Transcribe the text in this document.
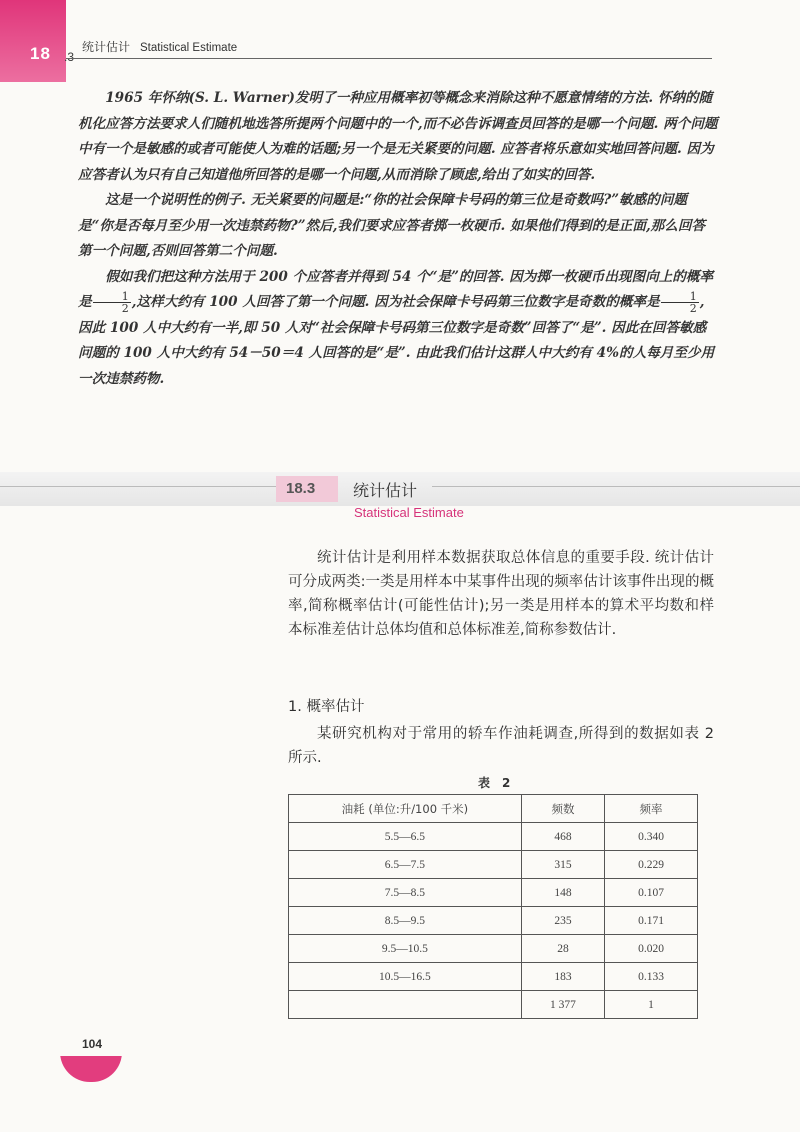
18 .3
统计估计 Statistical Estimate

1965 年怀纳(S. L. Warner)发明了一种应用概率初等概念来消除这种不愿意情绪的方法. 怀纳的随机化应答方法要求人们随机地选答所提两个问题中的一个,而不必告诉调查员回答的是哪一个问题. 两个问题中有一个是敏感的或者可能使人为难的话题;另一个是无关紧要的问题. 应答者将乐意如实地回答问题. 因为应答者认为只有自己知道他所回答的是哪一个问题,从而消除了顾虑,给出了如实的回答.

这是一个说明性的例子. 无关紧要的问题是:“你的社会保障卡号码的第三位是奇数吗?”敏感的问题是“你是否每月至少用一次违禁药物?”然后,我们要求应答者掷一枚硬币. 如果他们得到的是正面,那么回答第一个问题,否则回答第二个问题.

假如我们把这种方法用于 200 个应答者并得到 54 个“是”的回答. 因为掷一枚硬币出现图向上的概率是 $\frac{1}{2}$ ,这样大约有 100 人回答了第一个问题. 因为社会保障卡号码第三位数字是奇数的概率是 $\frac{1}{2}$ ,因此 100 人中大约有一半,即 50 人对“社会保障卡号码第三位数字是奇数”回答了“是”. 因此在回答敏感问题的 100 人中大约有 54－50＝4 人回答的是“是”. 由此我们估计这群人中大约有 4%的人每月至少用一次违禁药物.

18.3 统计估计
Statistical Estimate

统计估计是利用样本数据获取总体信息的重要手段. 统计估计可分成两类:一类是用样本中某事件出现的频率估计该事件出现的概率,简称概率估计(可能性估计);另一类是用样本的算术平均数和样本标准差估计总体均值和总体标准差,简称参数估计.

1. 概率估计

某研究机构对于常用的轿车作油耗调查,所得到的数据如表 2 所示.

表　2
油耗 (单位:升/100 千米)	频数	频率
5.5—6.5	468	0.340
6.5—7.5	315	0.229
7.5—8.5	148	0.107
8.5—9.5	235	0.171
9.5—10.5	28	0.020
10.5—16.5	183	0.133
	1 377	1
104
